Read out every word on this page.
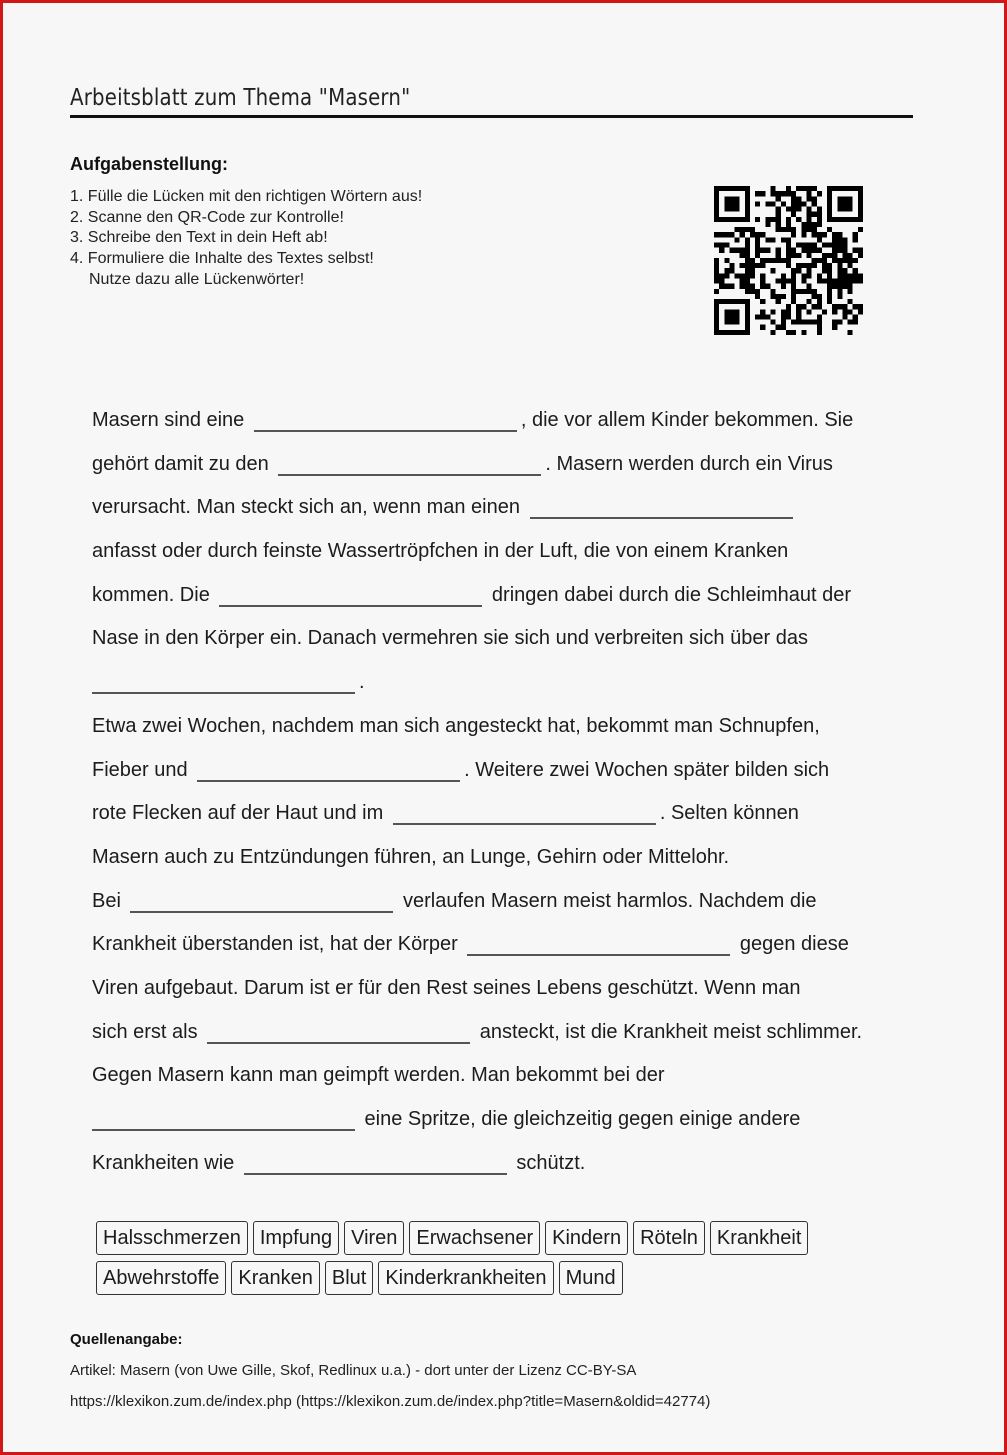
Arbeitsblatt zum Thema "Masern"
Aufgabenstellung:
1. Fülle die Lücken mit den richtigen Wörtern aus!
2. Scanne den QR-Code zur Kontrolle!
3. Schreibe den Text in dein Heft ab!
4. Formuliere die Inhalte des Textes selbst!
Nutze dazu alle Lückenwörter!
Masern sind eine	, die vor allem Kinder bekommen. Sie
gehört damit zu den	. Masern werden durch ein Virus
verursacht. Man steckt sich an, wenn man einen
anfasst oder durch feinste Wassertröpfchen in der Luft, die von einem Kranken
kommen. Die	dringen dabei durch die Schleimhaut der
Nase in den Körper ein. Danach vermehren sie sich und verbreiten sich über das
.
Etwa zwei Wochen, nachdem man sich angesteckt hat, bekommt man Schnupfen,
Fieber und	. Weitere zwei Wochen später bilden sich
rote Flecken auf der Haut und im	. Selten können
Masern auch zu Entzündungen führen, an Lunge, Gehirn oder Mittelohr.
Bei	verlaufen Masern meist harmlos. Nachdem die
Krankheit überstanden ist, hat der Körper	gegen diese
Viren aufgebaut. Darum ist er für den Rest seines Lebens geschützt. Wenn man
sich erst als	ansteckt, ist die Krankheit meist schlimmer.
Gegen Masern kann man geimpft werden. Man bekommt bei der
eine Spritze, die gleichzeitig gegen einige andere
Krankheiten wie	schützt.
Halsschmerzen Impfung Viren Erwachsener Kindern Röteln Krankheit
Abwehrstoffe Kranken Blut Kinderkrankheiten Mund
Quellenangabe:
Artikel: Masern (von Uwe Gille, Skof, Redlinux u.a.) - dort unter der Lizenz CC-BY-SA
https://klexikon.zum.de/index.php (https://klexikon.zum.de/index.php?title=Masern&oldid=42774)
